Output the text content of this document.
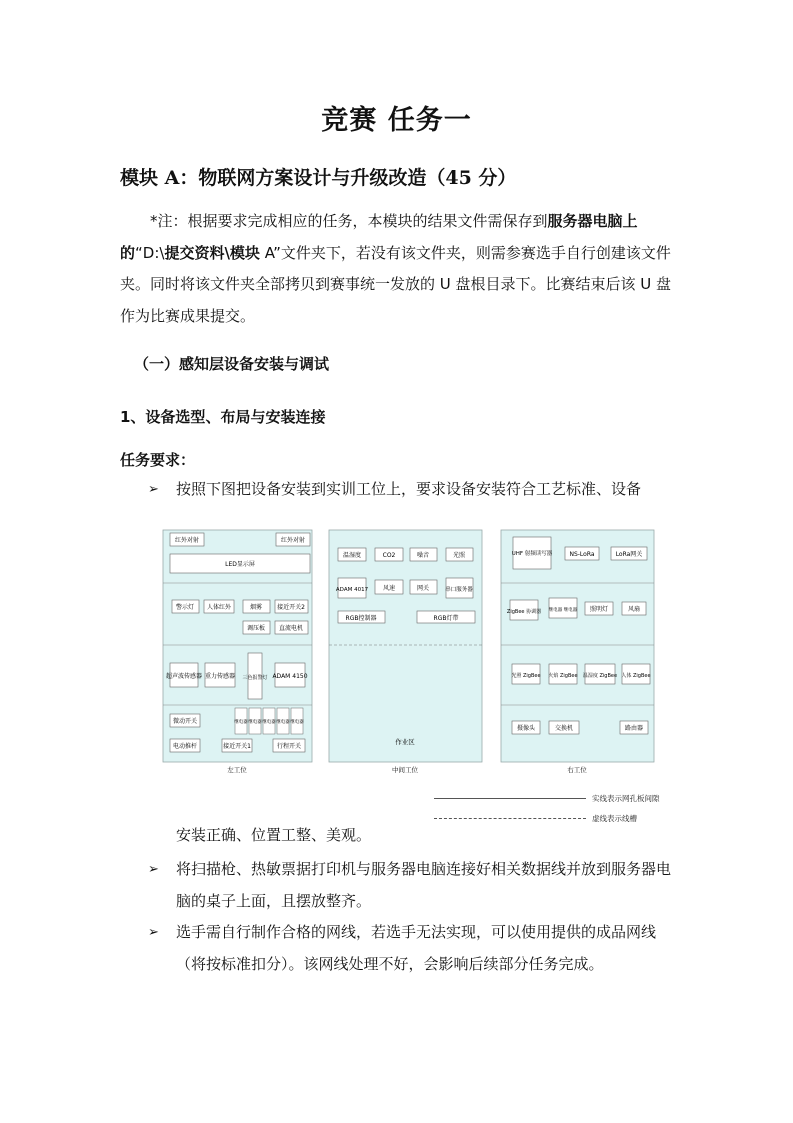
竞赛 任务一
模块 A：物联网方案设计与升级改造（45 分）
*注：根据要求完成相应的任务，本模块的结果文件需保存到服务器电脑上的“D:\提交资料\模块 A”文件夹下，若没有该文件夹，则需参赛选手自行创建该文件夹。同时将该文件夹全部拷贝到赛事统一发放的 U 盘根目录下。比赛结束后该 U 盘作为比赛成果提交。
（一）感知层设备安装与调试
1、设备选型、布局与安装连接
任务要求：
➢ 按照下图把设备安装到实训工位上，要求设备安装符合工艺标准、设备
红外对射	红外对射
LED显示屏
警示灯 人体红外	烟雾	接近开关2
调压板 直流电机
超声波传感器 重力传感器 三色报警灯 ADAM 4150
微动开关
电动推杆	接近开关1	行程开关
继电器 继电器 继电器 继电器 继电器
左工位
温湿度	CO2	噪音	光照
ADAM 4017 风速	网关	串口服务器
RGB控制器	RGB灯带
作业区
中间工位
UHF 射频读写器	NS-LoRa	LoRa网关
ZigBee 协调器 继电器 继电器 照明灯	风扇
光照 ZigBee 火焰 ZigBee 温湿度 ZigBee 人体 ZigBee
摄像头	交换机	路由器
右工位
实线表示网孔板间隙
虚线表示线槽
安装正确、位置工整、美观。
➢ 将扫描枪、热敏票据打印机与服务器电脑连接好相关数据线并放到服务器电脑的桌子上面，且摆放整齐。
➢ 选手需自行制作合格的网线，若选手无法实现，可以使用提供的成品网线（将按标准扣分）。该网线处理不好，会影响后续部分任务完成。
